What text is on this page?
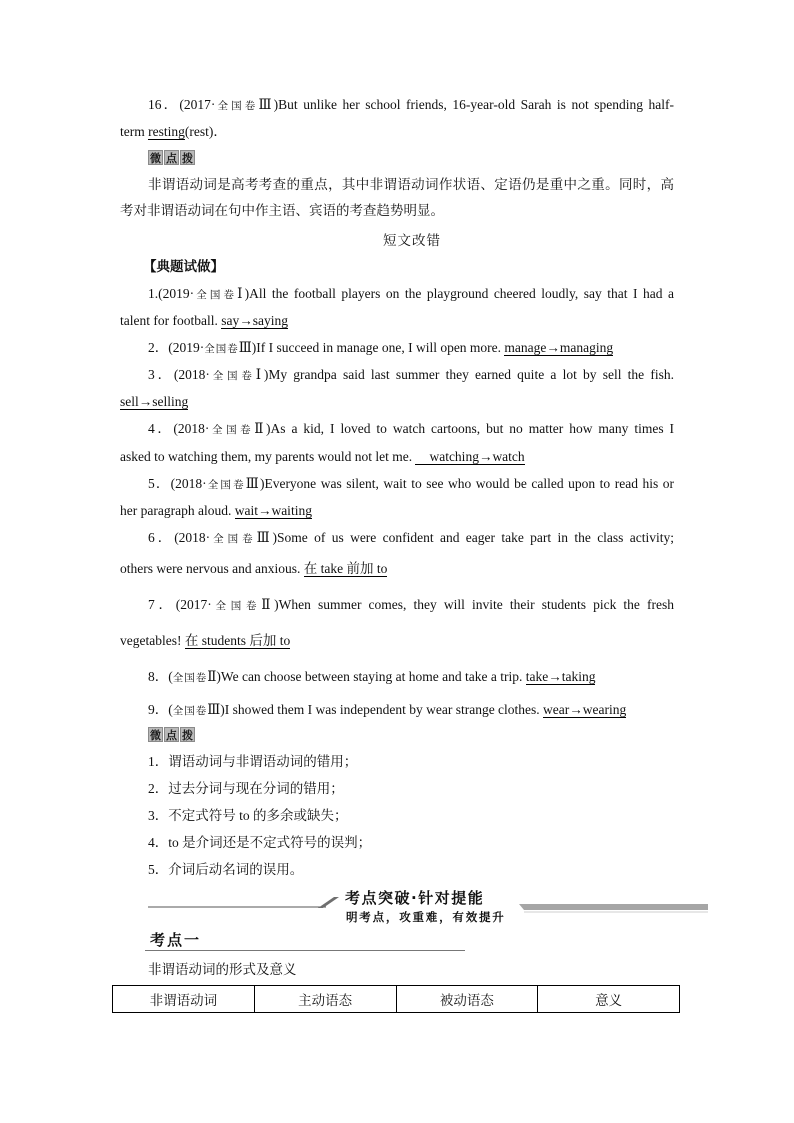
16．(2017·全国卷Ⅲ)But unlike her school friends, 16-year-old Sarah is not spending half-
term resting(rest)．
微 点 拨
非谓语动词是高考考查的重点，其中非谓语动词作状语、定语仍是重中之重。同时，高
考对非谓语动词在句中作主语、宾语的考查趋势明显。
短文改错
【典题试做】
1.(2019·全国卷Ⅰ)All the football players on the playground cheered loudly, say that I had a
talent for football. say→saying
2．(2019·全国卷Ⅲ)If I succeed in manage one, I will open more. manage→managing
3．(2018·全国卷Ⅰ)My grandpa said last summer they earned quite a lot by sell the fish.
sell→selling
4．(2018·全国卷Ⅱ)As a kid, I loved to watch cartoons, but no matter how many times I
asked to watching them, my parents would not let me. watching→watch
5．(2018·全国卷Ⅲ)Everyone was silent, wait to see who would be called upon to read his or
her paragraph aloud. wait→waiting
6．(2018·全国卷Ⅲ)Some of us were confident and eager take part in the class activity;
others were nervous and anxious. 在 take 前加 to
7．(2017·全国卷Ⅱ)When summer comes, they will invite their students pick the fresh
vegetables! 在 students 后加 to
8．(全国卷Ⅱ)We can choose between staying at home and take a trip. take→taking
9．(全国卷Ⅲ)I showed them I was independent by wear strange clothes. wear→wearing
微 点 拨
1．谓语动词与非谓语动词的错用；
2．过去分词与现在分词的错用；
3．不定式符号 to 的多余或缺失；
4．to 是介词还是不定式符号的误判；
5．介词后动名词的误用。
考点突破·针对提能
明考点，攻重难，有效提升
考点一
非谓语动词的形式及意义
非谓语动词	主动语态	被动语态	意义
